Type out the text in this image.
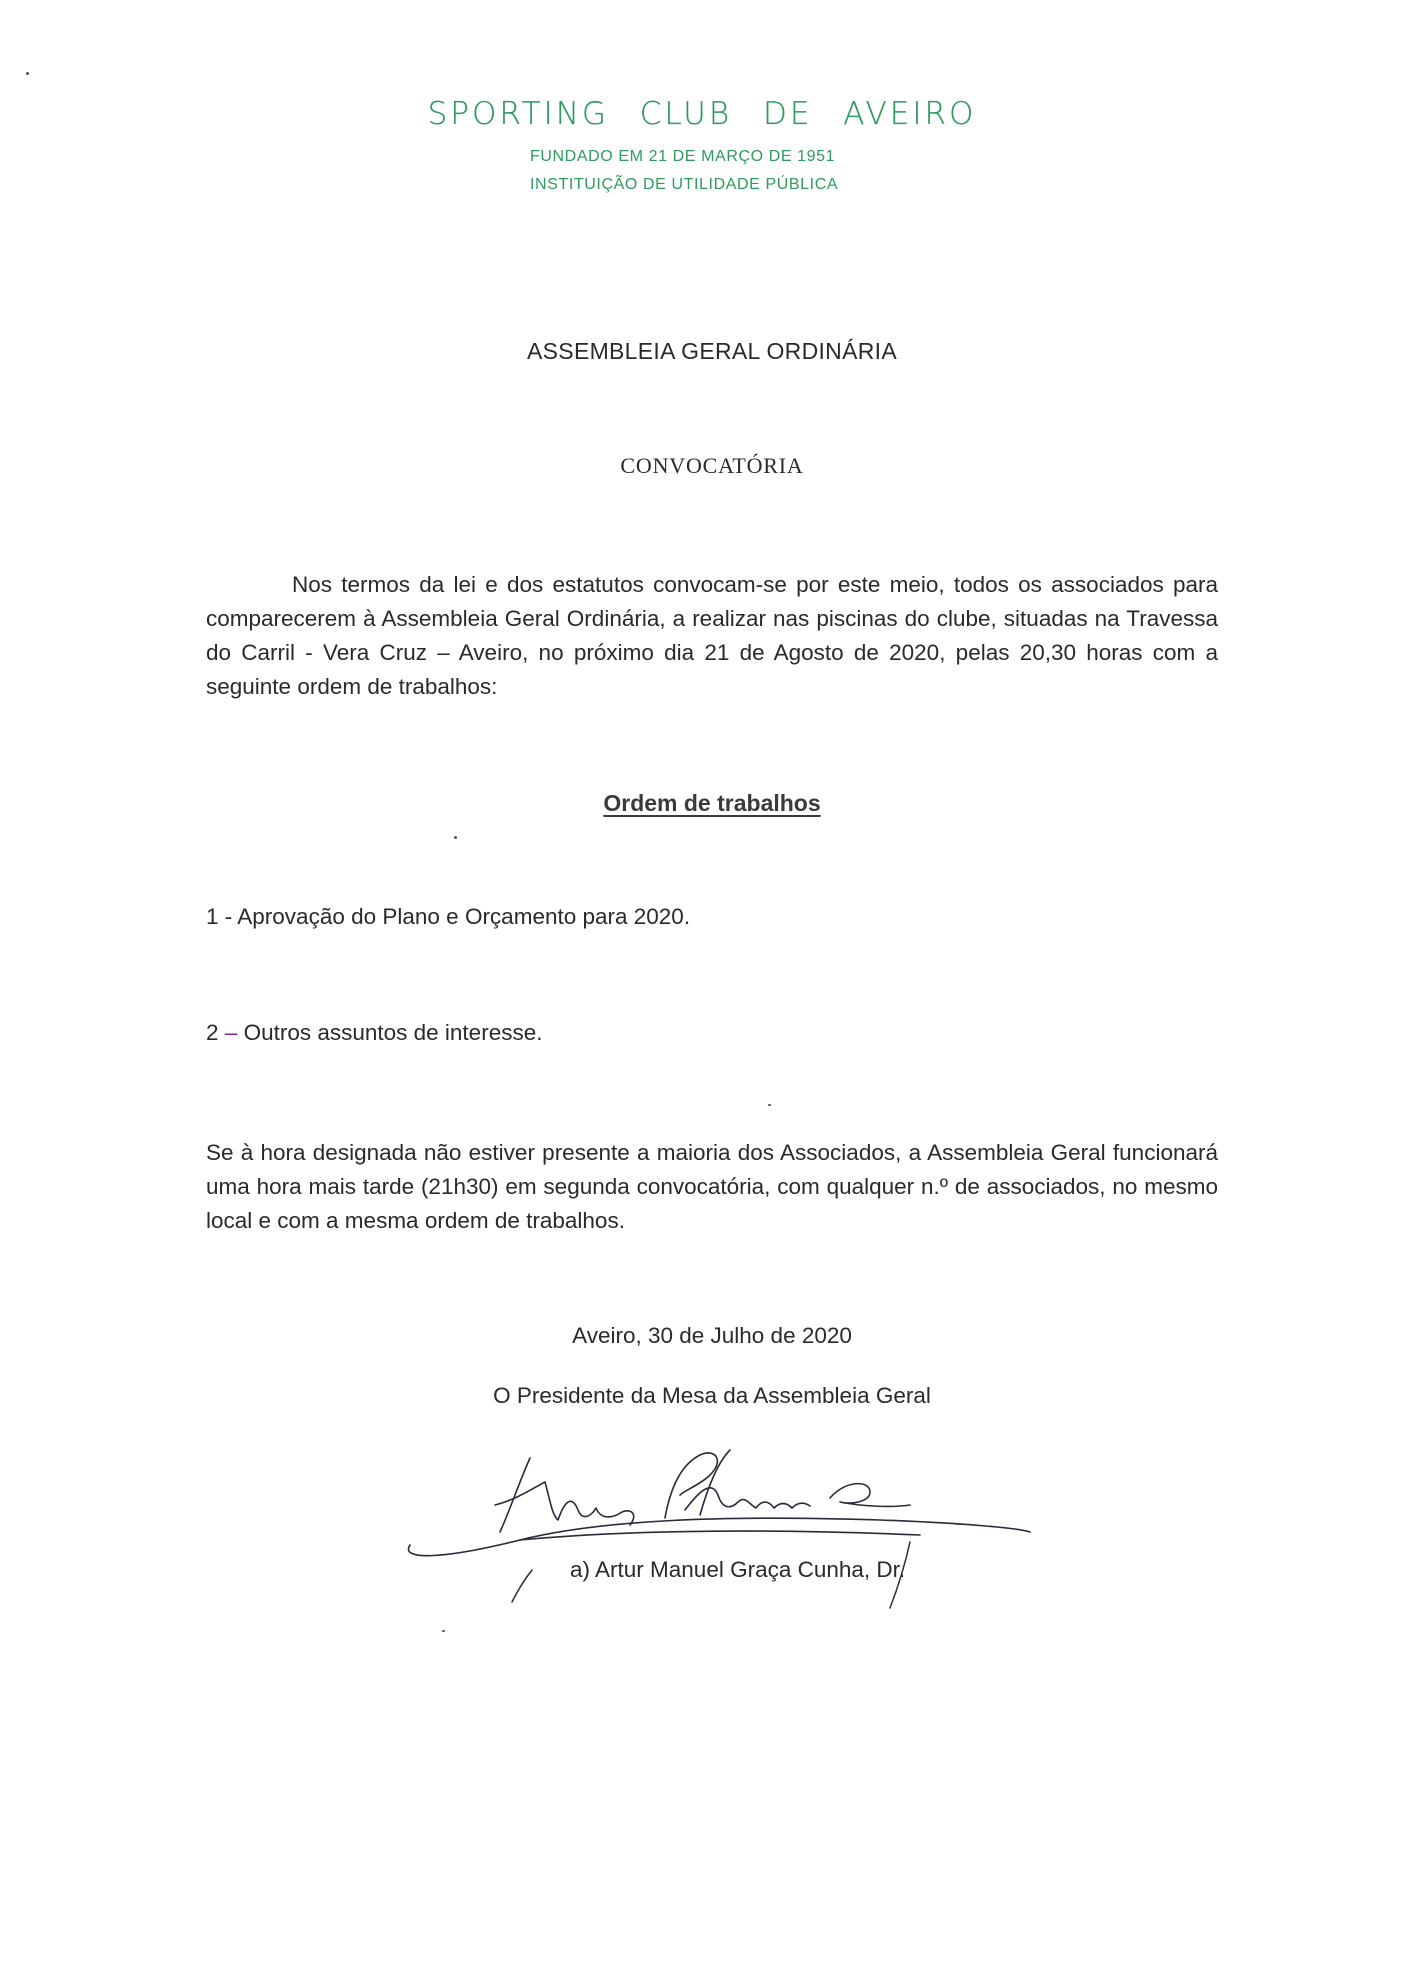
SPORTING CLUB DE AVEIRO
FUNDADO EM 21 DE MARÇO DE 1951
INSTITUIÇÃO DE UTILIDADE PÚBLICA
ASSEMBLEIA GERAL ORDINÁRIA
CONVOCATÓRIA
Nos termos da lei e dos estatutos convocam-se por este meio, todos os associados para comparecerem à Assembleia Geral Ordinária, a realizar nas piscinas do clube, situadas na Travessa do Carril - Vera Cruz – Aveiro, no próximo dia 21 de Agosto de 2020, pelas 20,30 horas com a seguinte ordem de trabalhos:
Ordem de trabalhos
1 - Aprovação do Plano e Orçamento para 2020.
2 – Outros assuntos de interesse.
Se à hora designada não estiver presente a maioria dos Associados, a Assembleia Geral funcionará uma hora mais tarde (21h30) em segunda convocatória, com qualquer n.º de associados, no mesmo local e com a mesma ordem de trabalhos.
Aveiro, 30 de Julho de 2020
O Presidente da Mesa da Assembleia Geral
a) Artur Manuel Graça Cunha, Dr.
